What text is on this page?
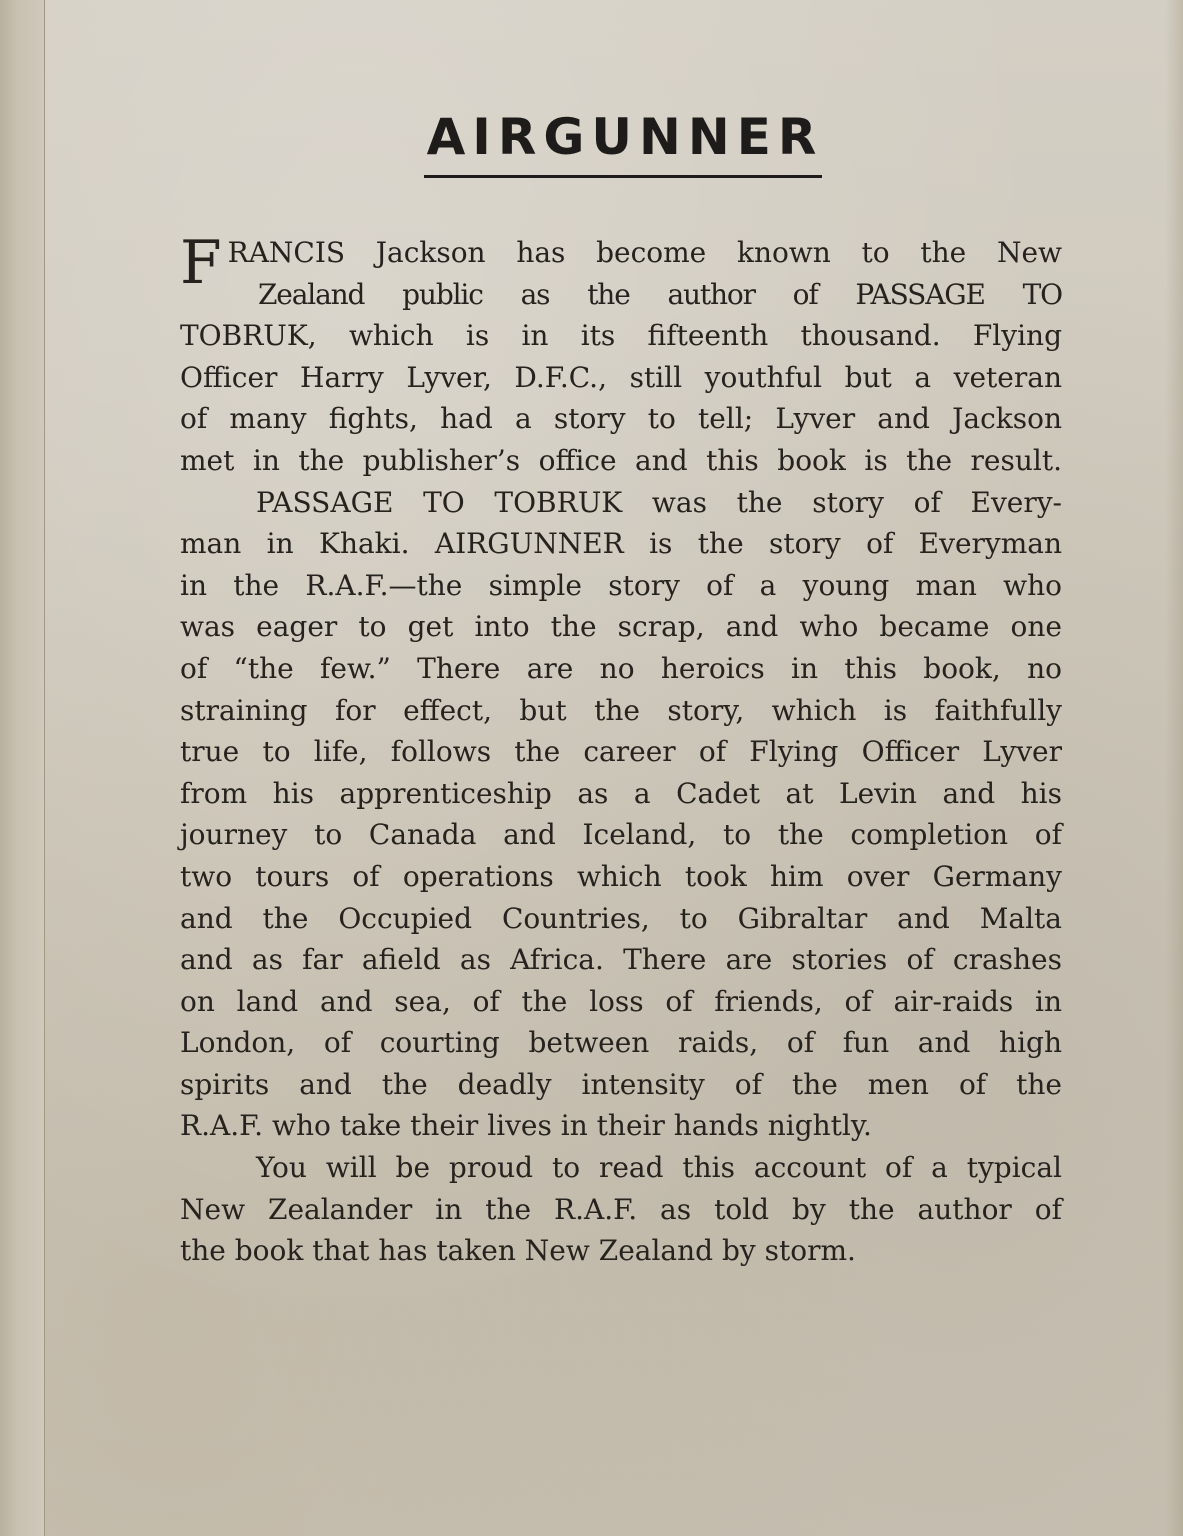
AIRGUNNER

F RANCIS Jackson has become known to the New
Zealand public as the author of PASSAGE TO
TOBRUK, which is in its fifteenth thousand. Flying
Officer Harry Lyver, D.F.C., still youthful but a veteran
of many fights, had a story to tell; Lyver and Jackson
met in the publisher’s office and this book is the result.

PASSAGE TO TOBRUK was the story of Every-
man in Khaki. AIRGUNNER is the story of Everyman
in the R.A.F.—the simple story of a young man who
was eager to get into the scrap, and who became one
of “the few.” There are no heroics in this book, no
straining for effect, but the story, which is faithfully
true to life, follows the career of Flying Officer Lyver
from his apprenticeship as a Cadet at Levin and his
journey to Canada and Iceland, to the completion of
two tours of operations which took him over Germany
and the Occupied Countries, to Gibraltar and Malta
and as far afield as Africa. There are stories of crashes
on land and sea, of the loss of friends, of air-raids in
London, of courting between raids, of fun and high
spirits and the deadly intensity of the men of the
R.A.F. who take their lives in their hands nightly.

You will be proud to read this account of a typical
New Zealander in the R.A.F. as told by the author of
the book that has taken New Zealand by storm.
